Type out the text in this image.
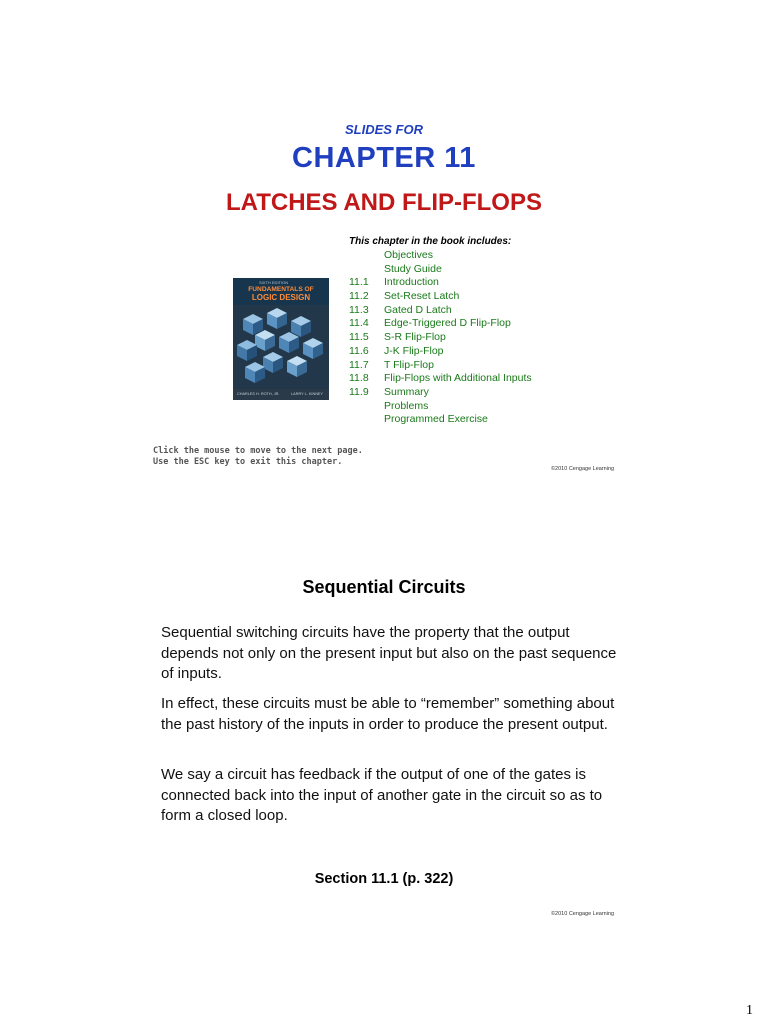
SLIDES FOR
CHAPTER 11
LATCHES AND FLIP-FLOPS
This chapter in the book includes:
Objectives
Study Guide
11.1 Introduction
11.2 Set-Reset Latch
11.3 Gated D Latch
11.4 Edge-Triggered D Flip-Flop
11.5 S-R Flip-Flop
11.6 J-K Flip-Flop
11.7 T Flip-Flop
11.8 Flip-Flops with Additional Inputs
11.9 Summary
Problems
Programmed Exercise
SIXTH EDITION
FUNDAMENTALS OF
LOGIC DESIGN
CHARLES H. ROTH, JR.	LARRY L. KINNEY
Click the mouse to move to the next page.
Use the ESC key to exit this chapter.
©2010 Cengage Learning
Sequential Circuits
Sequential switching circuits have the property that the output depends not only on the present input but also on the past sequence of inputs.
In effect, these circuits must be able to “remember” something about the past history of the inputs in order to produce the present output.
We say a circuit has feedback if the output of one of the gates is connected back into the input of another gate in the circuit so as to form a closed loop.
Section 11.1 (p. 322)
©2010 Cengage Learning
1
